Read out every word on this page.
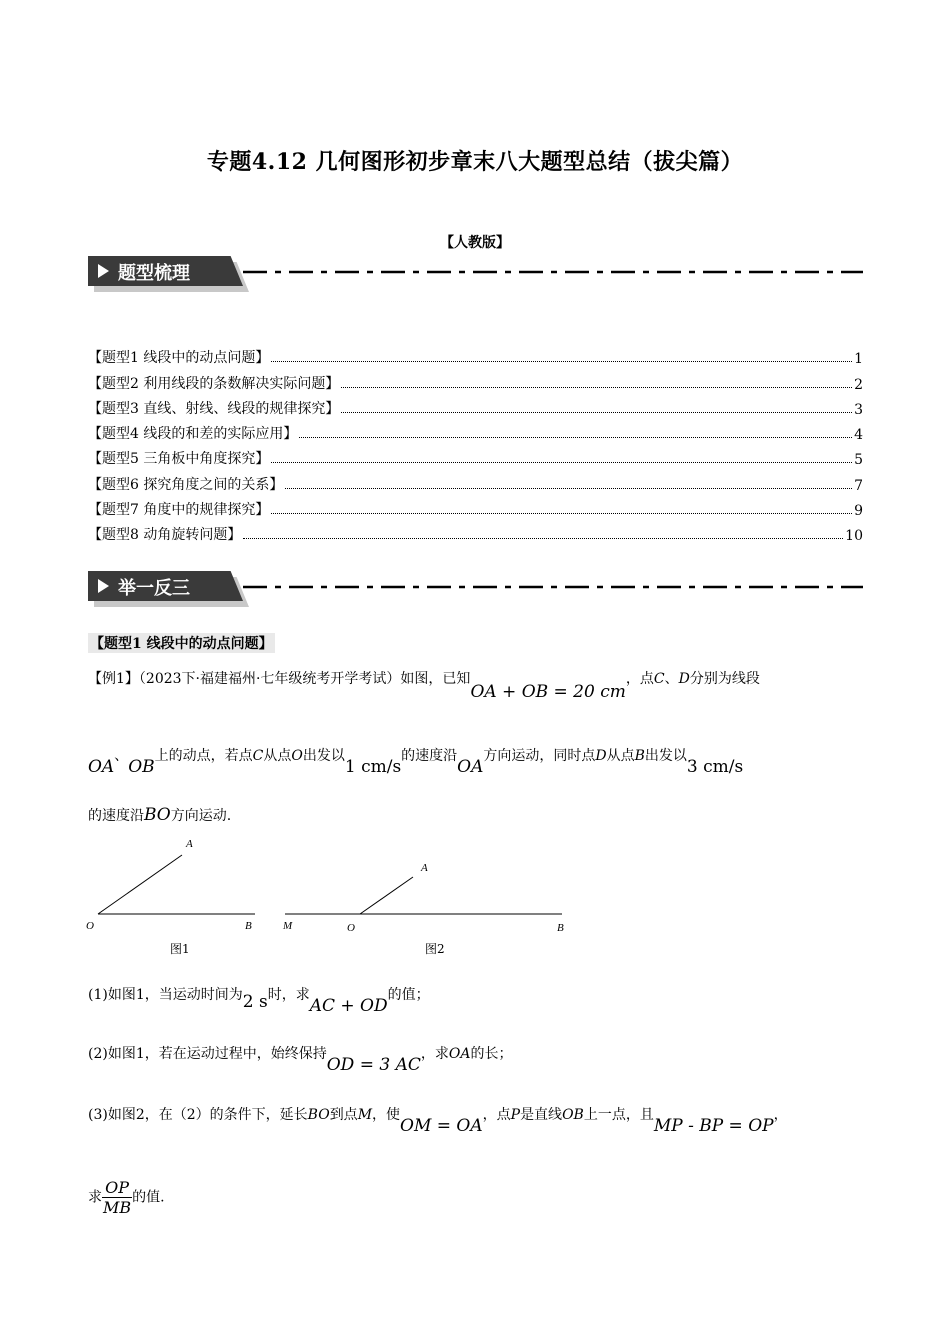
专题4.12 几何图形初步章末八大题型总结（拔尖篇）
【人教版】
题型梳理
【题型1 线段中的动点问题】	1
【题型2 利用线段的条数解决实际问题】	2
【题型3 直线、射线、线段的规律探究】	3
【题型4 线段的和差的实际应用】	4
【题型5 三角板中角度探究】	5
【题型6 探究角度之间的关系】	7
【题型7 角度中的规律探究】	9
【题型8 动角旋转问题】	10
举一反三
【题型1 线段中的动点问题】
【例1】（2023下·福建福州·七年级统考开学考试）如图，已知OA + OB = 20 cm，点C、D分别为线段
OA、OB上的动点，若点C从点O出发以1 cm/s的速度沿OA方向运动，同时点D从点B出发以3 cm/s
的速度沿BO方向运动.
A
O	B
图1
M	O
A
B
图2
(1)如图1，当运动时间为2 s时，求AC + OD的值；
(2)如图1，若在运动过程中，始终保持OD = 3 AC，求OA的长；
(3)如图2，在（2）的条件下，延长BO到点M，使OM = OA，点P是直线OB上一点，且MP - BP = OP，
求 $\frac{OP}{MB}$ 的值.
